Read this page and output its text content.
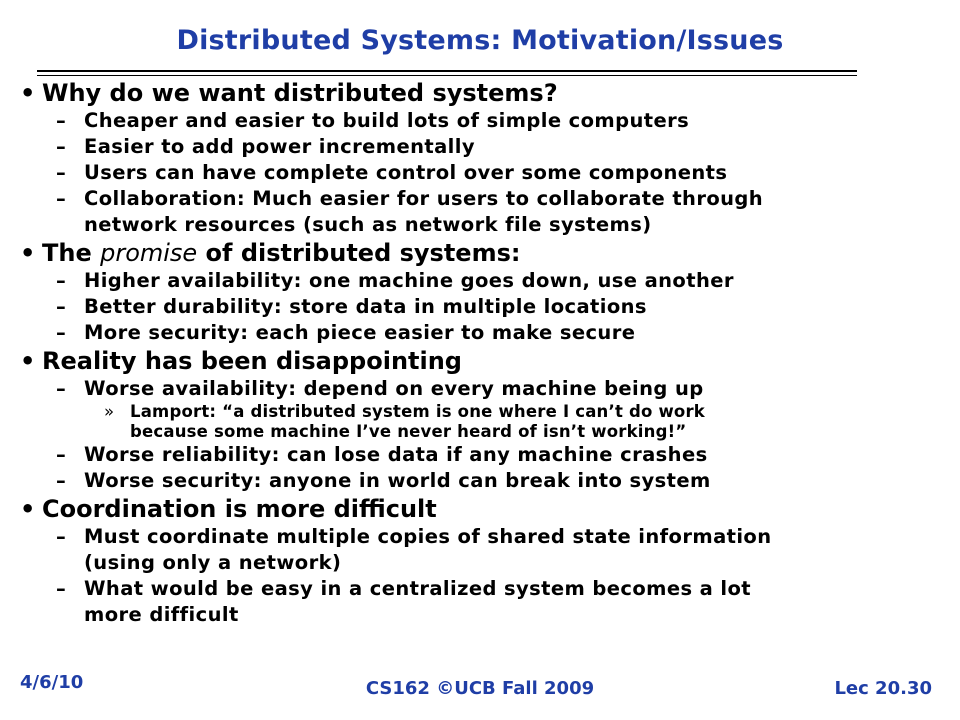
Distributed Systems: Motivation/Issues
• Why do we want distributed systems?
– Cheaper and easier to build lots of simple computers
– Easier to add power incrementally
– Users can have complete control over some components
– Collaboration: Much easier for users to collaborate through
network resources (such as network file systems)
• The promise of distributed systems:
– Higher availability: one machine goes down, use another
– Better durability: store data in multiple locations
– More security: each piece easier to make secure
• Reality has been disappointing
– Worse availability: depend on every machine being up
» Lamport: “a distributed system is one where I can’t do work
because some machine I’ve never heard of isn’t working!”
– Worse reliability: can lose data if any machine crashes
– Worse security: anyone in world can break into system
• Coordination is more difficult
– Must coordinate multiple copies of shared state information
(using only a network)
– What would be easy in a centralized system becomes a lot
more difficult
4/6/10	CS162 ©UCB Fall 2009	Lec 20.30
